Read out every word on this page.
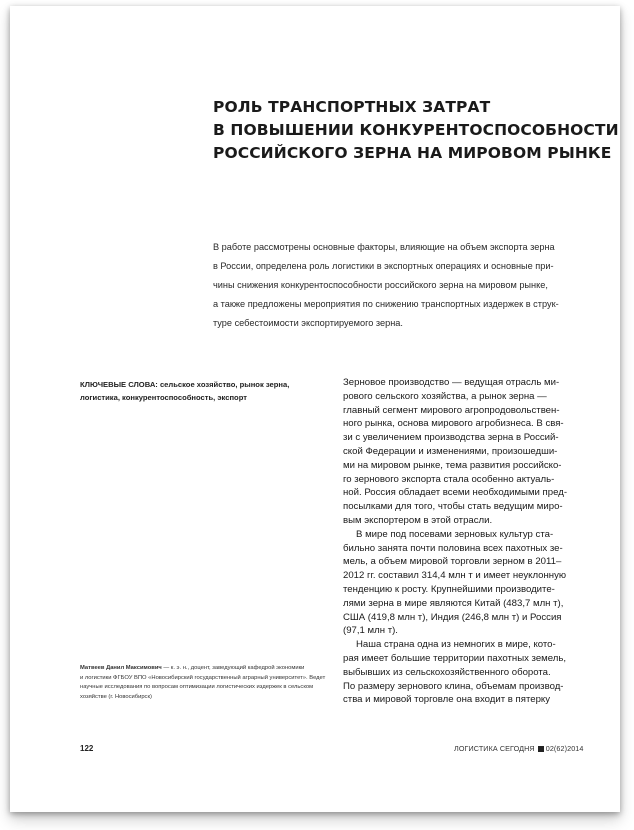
РОЛЬ ТРАНСПОРТНЫХ ЗАТРАТ
В ПОВЫШЕНИИ КОНКУРЕНТОСПОСОБНОСТИ
РОССИЙСКОГО ЗЕРНА НА МИРОВОМ РЫНКЕ

В работе рассмотрены основные факторы, влияющие на объем экспорта зерна
в России, определена роль логистики в экспортных операциях и основные при-
чины снижения конкурентоспособности российского зерна на мировом рынке,
а также предложены мероприятия по снижению транспортных издержек в струк-
туре себестоимости экспортируемого зерна.

КЛЮЧЕВЫЕ СЛОВА: сельское хозяйство, рынок зерна,
логистика, конкурентоспособность, экспорт

Матвеев Данил Максимович — к. э. н., доцент, заведующий кафедрой экономики
и логистики ФГБОУ ВПО «Новосибирский государственный аграрный университет». Ведет
научные исследования по вопросам оптимизации логистических издержек в сельском
хозяйстве (г. Новосибирск)

Зерновое производство — ведущая отрасль ми-
рового сельского хозяйства, а рынок зерна —
главный сегмент мирового агропродовольствен-
ного рынка, основа мирового агробизнеса. В свя-
зи с увеличением производства зерна в Россий-
ской Федерации и изменениями, произошедши-
ми на мировом рынке, тема развития российско-
го зернового экспорта стала особенно актуаль-
ной. Россия обладает всеми необходимыми пред-
посылками для того, чтобы стать ведущим миро-
вым экспортером в этой отрасли.
В мире под посевами зерновых культур ста-
бильно занята почти половина всех пахотных зе-
мель, а объем мировой торговли зерном в 2011–
2012 гг. составил 314,4 млн т и имеет неуклонную
тенденцию к росту. Крупнейшими производите-
лями зерна в мире являются Китай (483,7 млн т),
США (419,8 млн т), Индия (246,8 млн т) и Россия
(97,1 млн т).
Наша страна одна из немногих в мире, кото-
рая имеет большие территории пахотных земель,
выбывших из сельскохозяйственного оборота.
По размеру зернового клина, объемам производ-
ства и мировой торговле она входит в пятерку
122	ЛОГИСТИКА СЕГОДНЯ 02(62)2014
